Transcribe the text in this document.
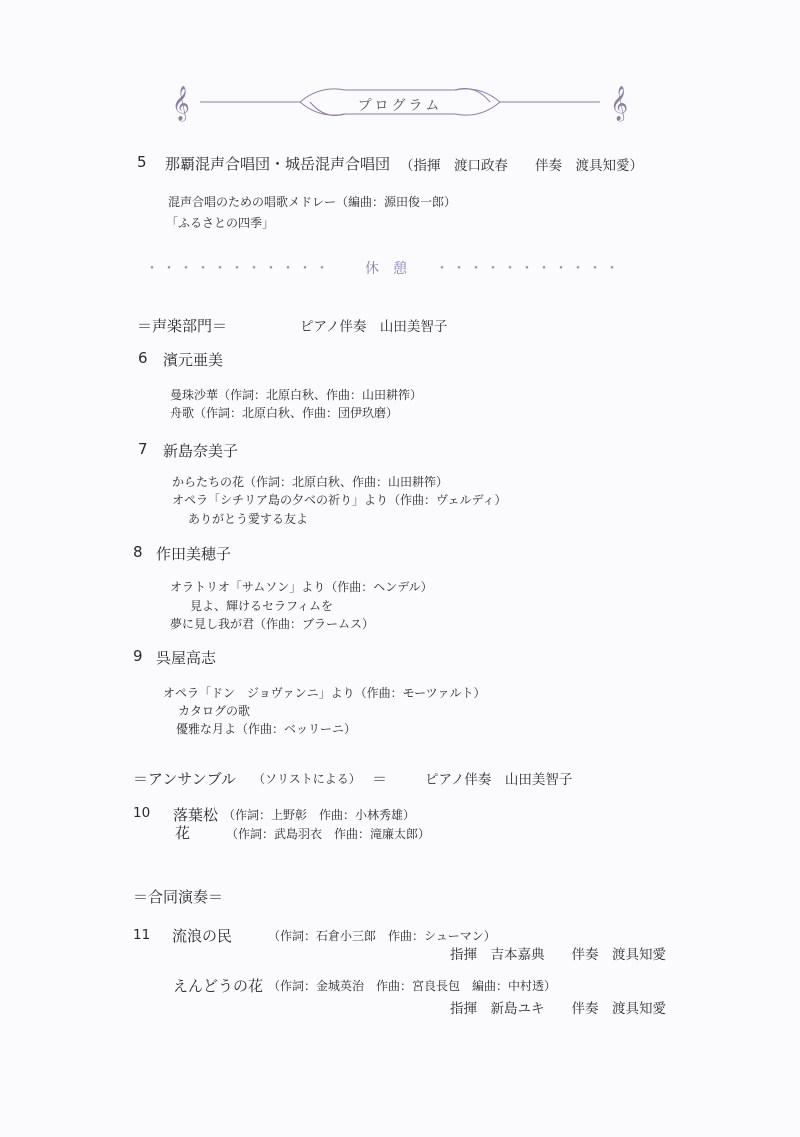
𝄞	𝄞
プログラム
5 那覇混声合唱団・城岳混声合唱団 （指揮　渡口政春　　伴奏　渡具知愛）
混声合唱のための唱歌メドレー（編曲：源田俊一郎）
「ふるさとの四季」
・・・・・・・・・・・ 休憩 ・・・・・・・・・・・
＝声楽部門＝	ピアノ伴奏　山田美智子
6 濱元亜美
曼珠沙華（作詞：北原白秋、作曲：山田耕筰）
舟歌（作詞：北原白秋、作曲：団伊玖磨）
7 新島奈美子
からたちの花（作詞：北原白秋、作曲：山田耕筰）
オペラ「シチリア島の夕べの祈り」より（作曲：ヴェルディ）
ありがとう愛する友よ
8 作田美穂子
オラトリオ「サムソン」より（作曲：ヘンデル）
見よ、輝けるセラフィムを
夢に見し我が君（作曲：ブラームス）
9 呉屋高志
オペラ「ドン　ジョヴァンニ」より（作曲：モーツァルト）
カタログの歌
優雅な月よ（作曲：ベッリーニ）
＝アンサンブル （ソリストによる） ＝	ピアノ伴奏　山田美智子
10 落葉松 （作詞：上野彰　作曲：小林秀雄）
花	（作詞：武島羽衣　作曲：滝廉太郎）
＝合同演奏＝
11 流浪の民	（作詞：石倉小三郎　作曲：シューマン）
指揮　吉本嘉典　　伴奏　渡具知愛
えんどうの花 （作詞：金城英治　作曲：宮良長包　編曲：中村透）
指揮　新島ユキ　　伴奏　渡具知愛
